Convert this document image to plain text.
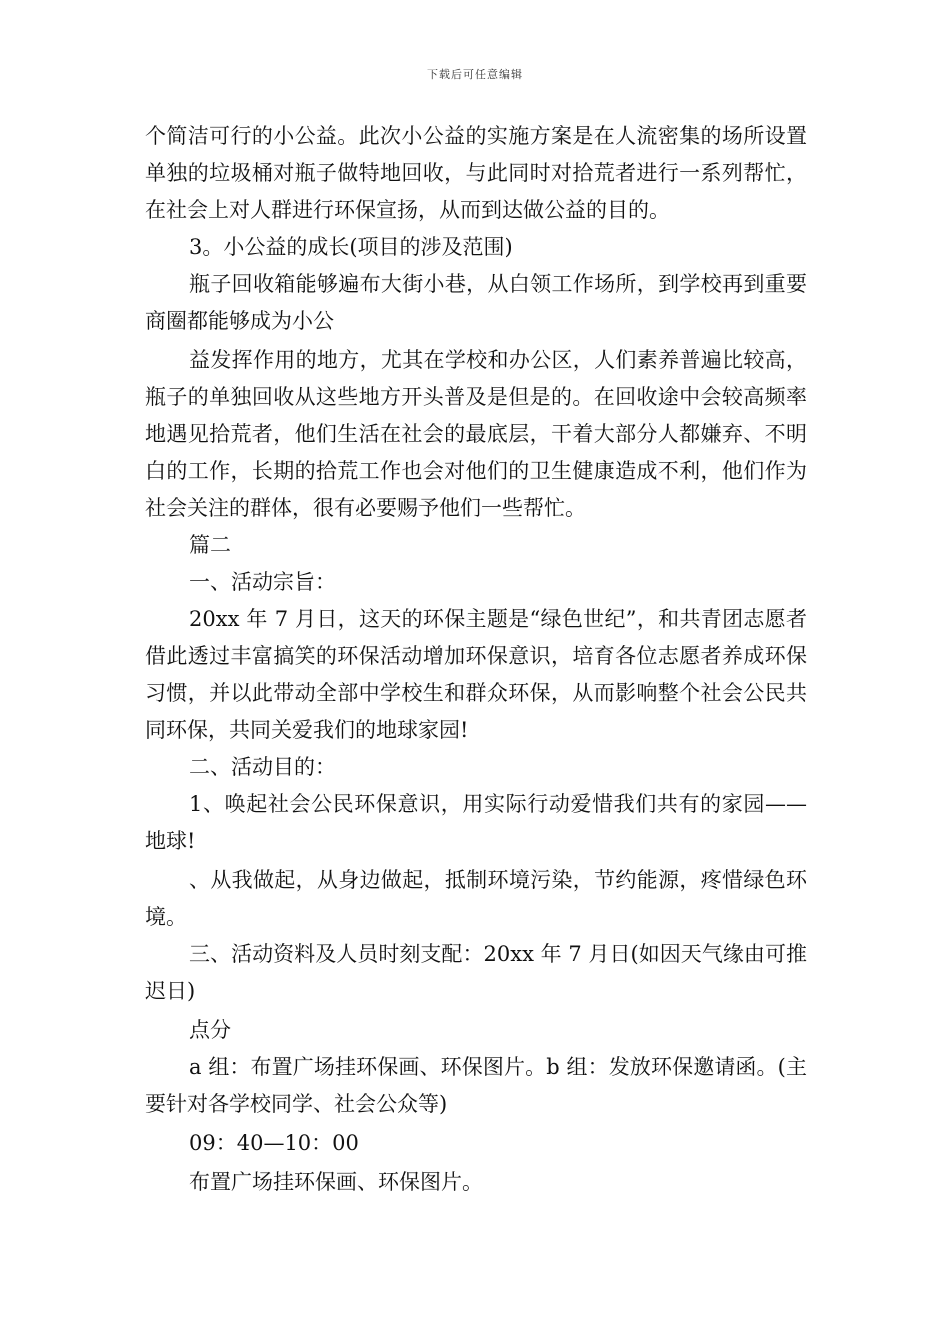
下载后可任意编辑

个简洁可行的小公益。此次小公益的实施方案是在人流密集的场所设置单独的垃圾桶对瓶子做特地回收，与此同时对拾荒者进行一系列帮忙，在社会上对人群进行环保宣扬，从而到达做公益的目的。

3。小公益的成长(项目的涉及范围)

瓶子回收箱能够遍布大街小巷，从白领工作场所，到学校再到重要商圈都能够成为小公

益发挥作用的地方，尤其在学校和办公区，人们素养普遍比较高，瓶子的单独回收从这些地方开头普及是但是的。在回收途中会较高频率地遇见拾荒者，他们生活在社会的最底层，干着大部分人都嫌弃、不明白的工作，长期的拾荒工作也会对他们的卫生健康造成不利，他们作为社会关注的群体，很有必要赐予他们一些帮忙。

篇二

一、活动宗旨：

20xx 年 7 月日，这天的环保主题是“绿色世纪”，和共青团志愿者借此透过丰富搞笑的环保活动增加环保意识，培育各位志愿者养成环保习惯，并以此带动全部中学校生和群众环保，从而影响整个社会公民共同环保，共同关爱我们的地球家园!

二、活动目的：

1、唤起社会公民环保意识，用实际行动爱惜我们共有的家园——地球!

、从我做起，从身边做起，抵制环境污染，节约能源，疼惜绿色环境。

三、活动资料及人员时刻支配：20xx 年 7 月日(如因天气缘由可推迟日)

点分

a 组：布置广场挂环保画、环保图片。b 组：发放环保邀请函。(主要针对各学校同学、社会公众等)

09：40—10：00

布置广场挂环保画、环保图片。
